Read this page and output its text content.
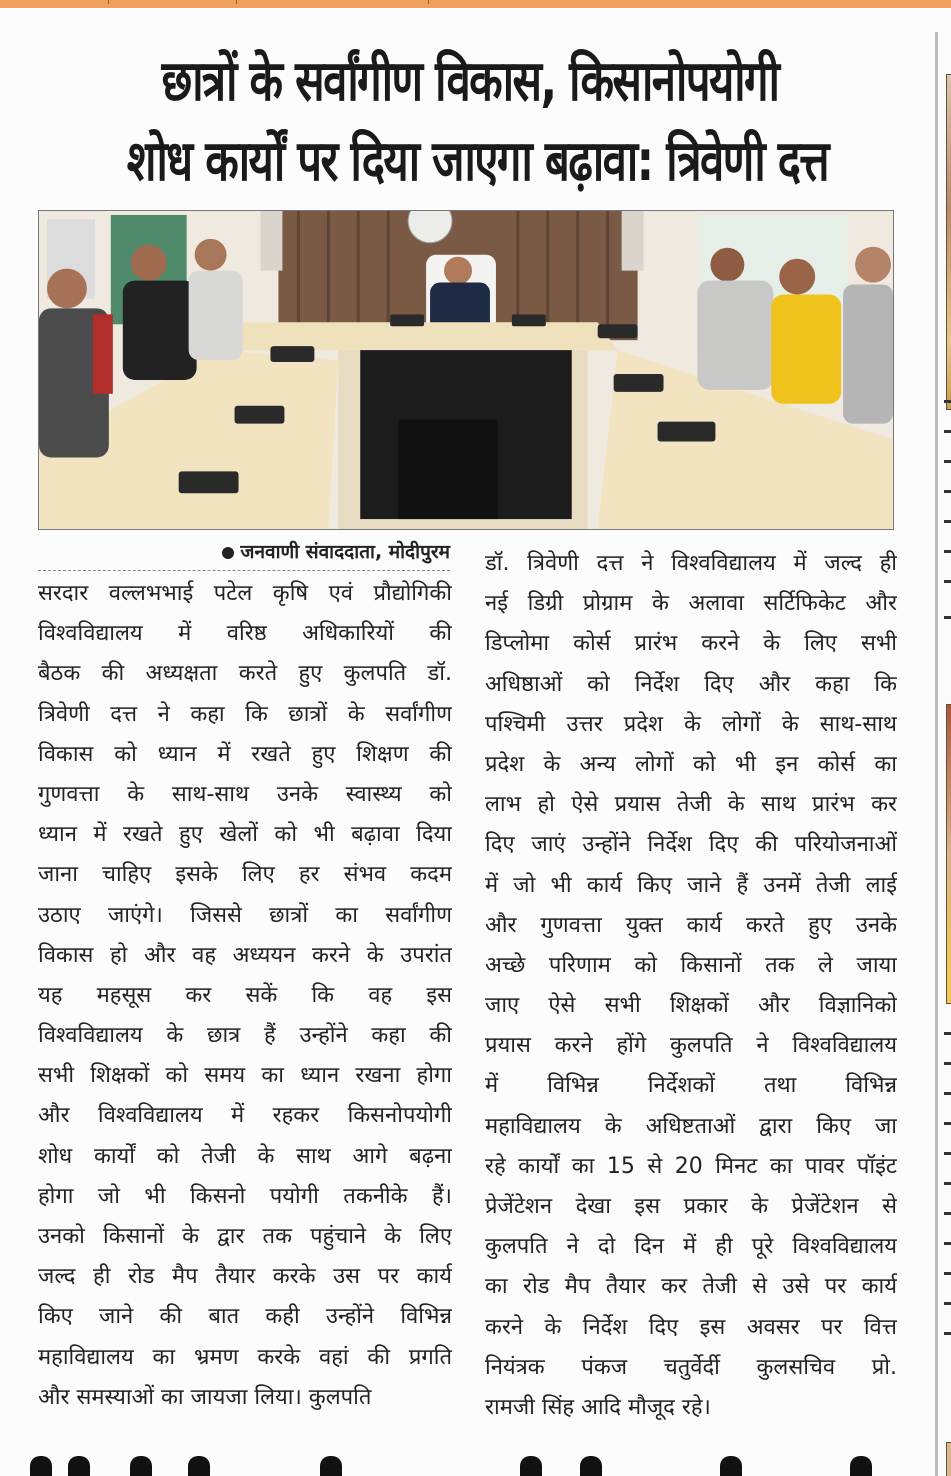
छात्रों के सर्वांगीण विकास, किसानोपयोगी
शोध कार्यों पर दिया जाएगा बढ़ावा: त्रिवेणी दत्त
जनवाणी संवाददाता, मोदीपुरम
सरदार वल्लभभाई पटेल कृषि एवं प्रौद्योगिकी
विश्वविद्यालय में वरिष्ठ अधिकारियों की
बैठक की अध्यक्षता करते हुए कुलपति डॉ.
त्रिवेणी दत्त ने कहा कि छात्रों के सर्वांगीण
विकास को ध्यान में रखते हुए शिक्षण की
गुणवत्ता के साथ-साथ उनके स्वास्थ्य को
ध्यान में रखते हुए खेलों को भी बढ़ावा दिया
जाना चाहिए इसके लिए हर संभव कदम
उठाए जाएंगे। जिससे छात्रों का सर्वांगीण
विकास हो और वह अध्ययन करने के उपरांत
यह महसूस कर सकें कि वह इस
विश्वविद्यालय के छात्र हैं उन्होंने कहा की
सभी शिक्षकों को समय का ध्यान रखना होगा
और विश्वविद्यालय में रहकर किसनोपयोगी
शोध कार्यों को तेजी के साथ आगे बढ़ना
होगा जो भी किसनो पयोगी तकनीके हैं।
उनको किसानों के द्वार तक पहुंचाने के लिए
जल्द ही रोड मैप तैयार करके उस पर कार्य
किए जाने की बात कही उन्होंने विभिन्न
महाविद्यालय का भ्रमण करके वहां की प्रगति
और समस्याओं का जायजा लिया। कुलपति
डॉ. त्रिवेणी दत्त ने विश्वविद्यालय में जल्द ही
नई डिग्री प्रोग्राम के अलावा सर्टिफिकेट और
डिप्लोमा कोर्स प्रारंभ करने के लिए सभी
अधिष्ठाओं को निर्देश दिए और कहा कि
पश्चिमी उत्तर प्रदेश के लोगों के साथ-साथ
प्रदेश के अन्य लोगों को भी इन कोर्स का
लाभ हो ऐसे प्रयास तेजी के साथ प्रारंभ कर
दिए जाएं उन्होंने निर्देश दिए की परियोजनाओं
में जो भी कार्य किए जाने हैं उनमें तेजी लाई
और गुणवत्ता युक्त कार्य करते हुए उनके
अच्छे परिणाम को किसानों तक ले जाया
जाए ऐसे सभी शिक्षकों और विज्ञानिको
प्रयास करने होंगे कुलपति ने विश्वविद्यालय
में विभिन्न निर्देशकों तथा विभिन्न
महाविद्यालय के अधिष्टताओं द्वारा किए जा
रहे कार्यों का 15 से 20 मिनट का पावर पॉइंट
प्रेजेंटेशन देखा इस प्रकार के प्रेजेंटेशन से
कुलपति ने दो दिन में ही पूरे विश्वविद्यालय
का रोड मैप तैयार कर तेजी से उसे पर कार्य
करने के निर्देश दिए इस अवसर पर वित्त
नियंत्रक पंकज चतुर्वेर्दी कुलसचिव प्रो.
रामजी सिंह आदि मौजूद रहे।
